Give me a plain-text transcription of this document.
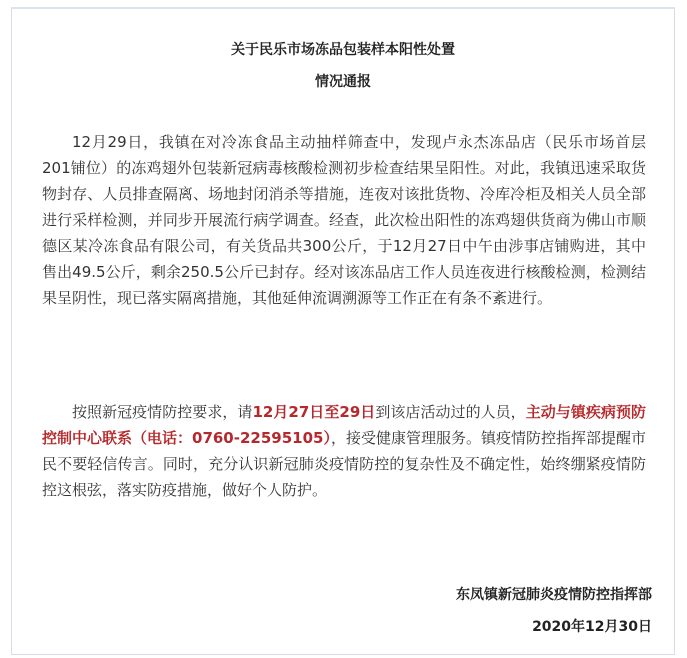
关于民乐市场冻品包装样本阳性处置
情况通报
12月29日，我镇在对冷冻食品主动抽样筛查中，发现卢永杰冻品店（民乐市场首层201铺位）的冻鸡翅外包装新冠病毒核酸检测初步检查结果呈阳性。对此，我镇迅速采取货物封存、人员排查隔离、场地封闭消杀等措施，连夜对该批货物、冷库冷柜及相关人员全部进行采样检测，并同步开展流行病学调查。经查，此次检出阳性的冻鸡翅供货商为佛山市顺德区某冷冻食品有限公司，有关货品共300公斤，于12月27日中午由涉事店铺购进，其中售出49.5公斤，剩余250.5公斤已封存。经对该冻品店工作人员连夜进行核酸检测，检测结果呈阴性，现已落实隔离措施，其他延伸流调溯源等工作正在有条不紊进行。
按照新冠疫情防控要求，请12月27日至29日到该店活动过的人员，主动与镇疾病预防控制中心联系（电话：0760-22595105），接受健康管理服务。镇疫情防控指挥部提醒市民不要轻信传言。同时，充分认识新冠肺炎疫情防控的复杂性及不确定性，始终绷紧疫情防控这根弦，落实防疫措施，做好个人防护。
东凤镇新冠肺炎疫情防控指挥部
2020年12月30日
